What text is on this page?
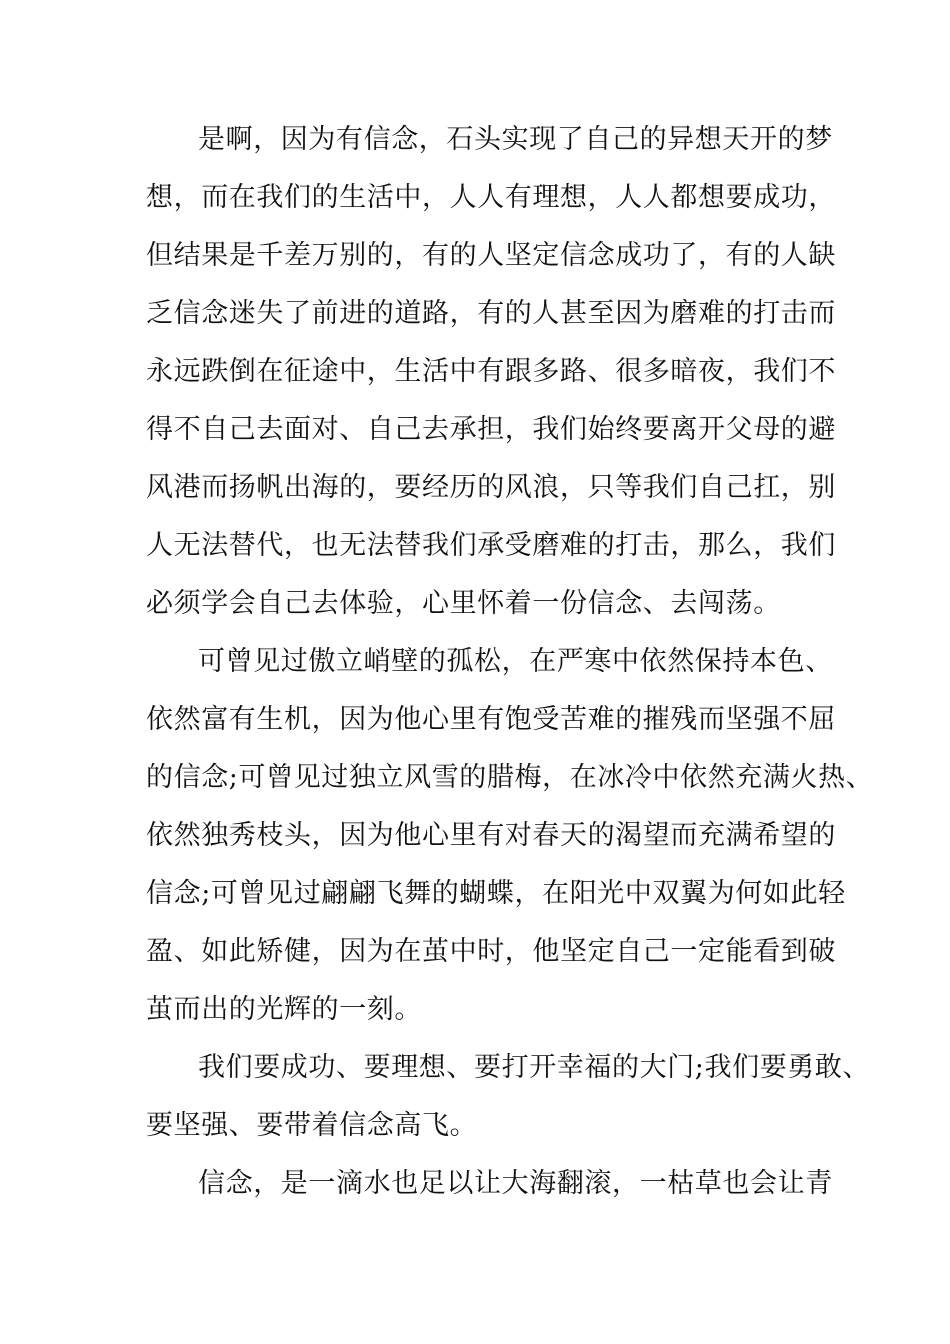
是啊，因为有信念，石头实现了自己的异想天开的梦
想，而在我们的生活中，人人有理想，人人都想要成功，
但结果是千差万别的，有的人坚定信念成功了，有的人缺
乏信念迷失了前进的道路，有的人甚至因为磨难的打击而
永远跌倒在征途中，生活中有跟多路、很多暗夜，我们不
得不自己去面对、自己去承担，我们始终要离开父母的避
风港而扬帆出海的，要经历的风浪，只等我们自己扛，别
人无法替代，也无法替我们承受磨难的打击，那么，我们
必须学会自己去体验，心里怀着一份信念、去闯荡。
可曾见过傲立峭壁的孤松，在严寒中依然保持本色、
依然富有生机，因为他心里有饱受苦难的摧残而坚强不屈
的信念;可曾见过独立风雪的腊梅，在冰冷中依然充满火热、
依然独秀枝头，因为他心里有对春天的渴望而充满希望的
信念;可曾见过翩翩飞舞的蝴蝶，在阳光中双翼为何如此轻
盈、如此矫健，因为在茧中时，他坚定自己一定能看到破
茧而出的光辉的一刻。
我们要成功、要理想、要打开幸福的大门;我们要勇敢、
要坚强、要带着信念高飞。
信念，是一滴水也足以让大海翻滚，一枯草也会让青
